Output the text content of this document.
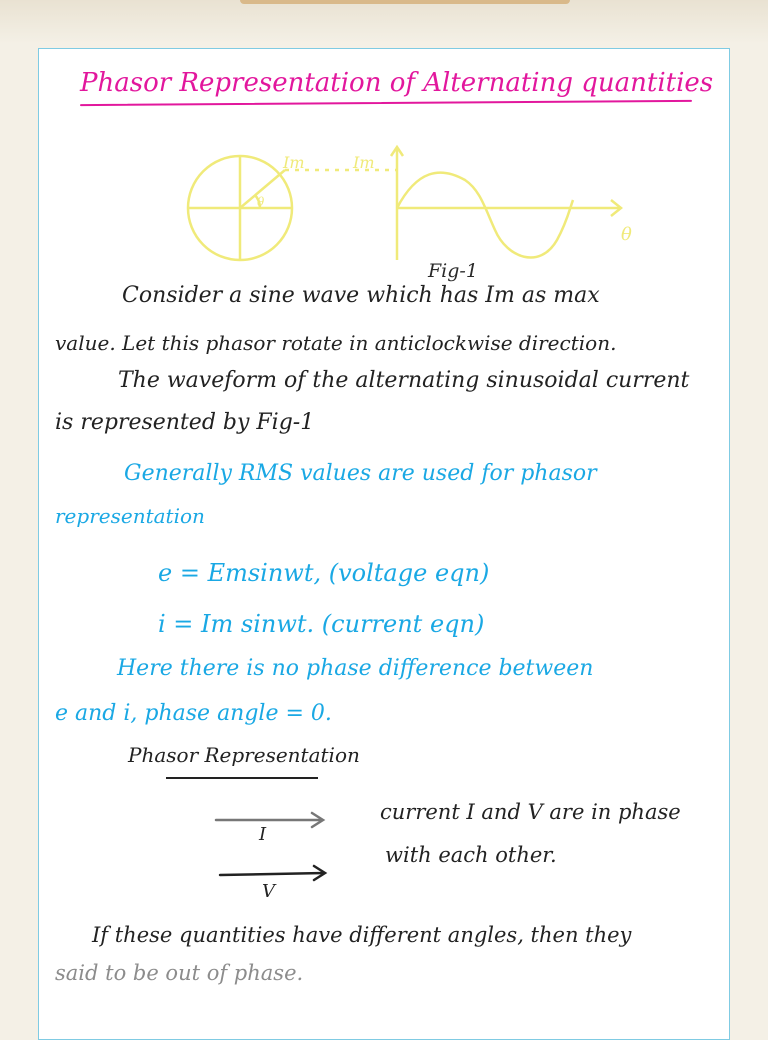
Phasor Representation of Alternating quantities
Im	Im
θ
θ
Fig-1
Consider a sine wave which has Im as max
value. Let this phasor rotate in anticlockwise direction.
The waveform of the alternating sinusoidal current
is represented by Fig-1
Generally RMS values are used for phasor
representation
e = Emsinwt, (voltage eqn)
i = Im sinwt. (current eqn)
Here there is no phase difference between
e and i, phase angle = 0.
Phasor Representation
I
V
current I and V are in phase
with each other.
If these quantities have different angles, then they
said to be out of phase.
